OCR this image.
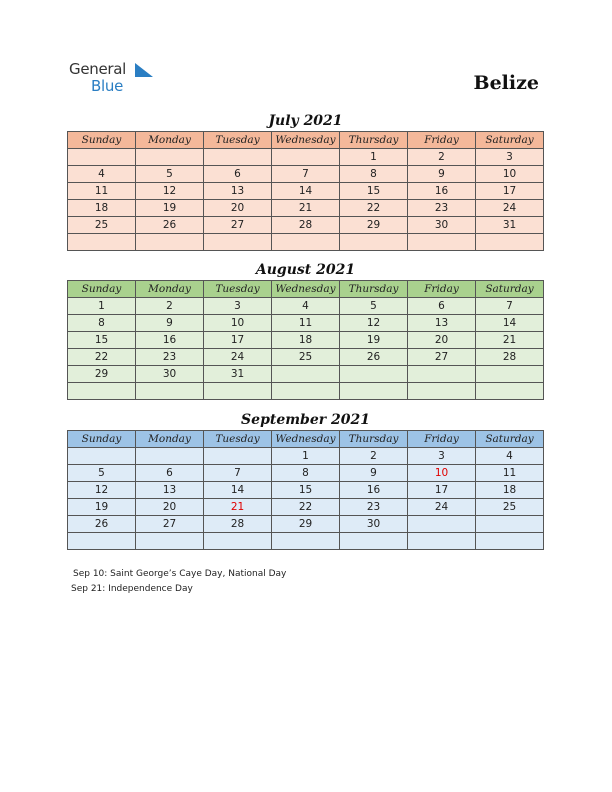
General
Blue	Belize
July 2021
Sunday	Monday	Tuesday	Wednesday	Thursday	Friday	Saturday
				1	2	3
4	5	6	7	8	9	10
11	12	13	14	15	16	17
18	19	20	21	22	23	24
25	26	27	28	29	30	31

August 2021
Sunday	Monday	Tuesday	Wednesday	Thursday	Friday	Saturday
1	2	3	4	5	6	7
8	9	10	11	12	13	14
15	16	17	18	19	20	21
22	23	24	25	26	27	28
29	30	31				

September 2021
Sunday	Monday	Tuesday	Wednesday	Thursday	Friday	Saturday
			1	2	3	4
5	6	7	8	9	10	11
12	13	14	15	16	17	18
19	20	21	22	23	24	25
26	27	28	29	30		

Sep 10: Saint George’s Caye Day, National Day
Sep 21: Independence Day
